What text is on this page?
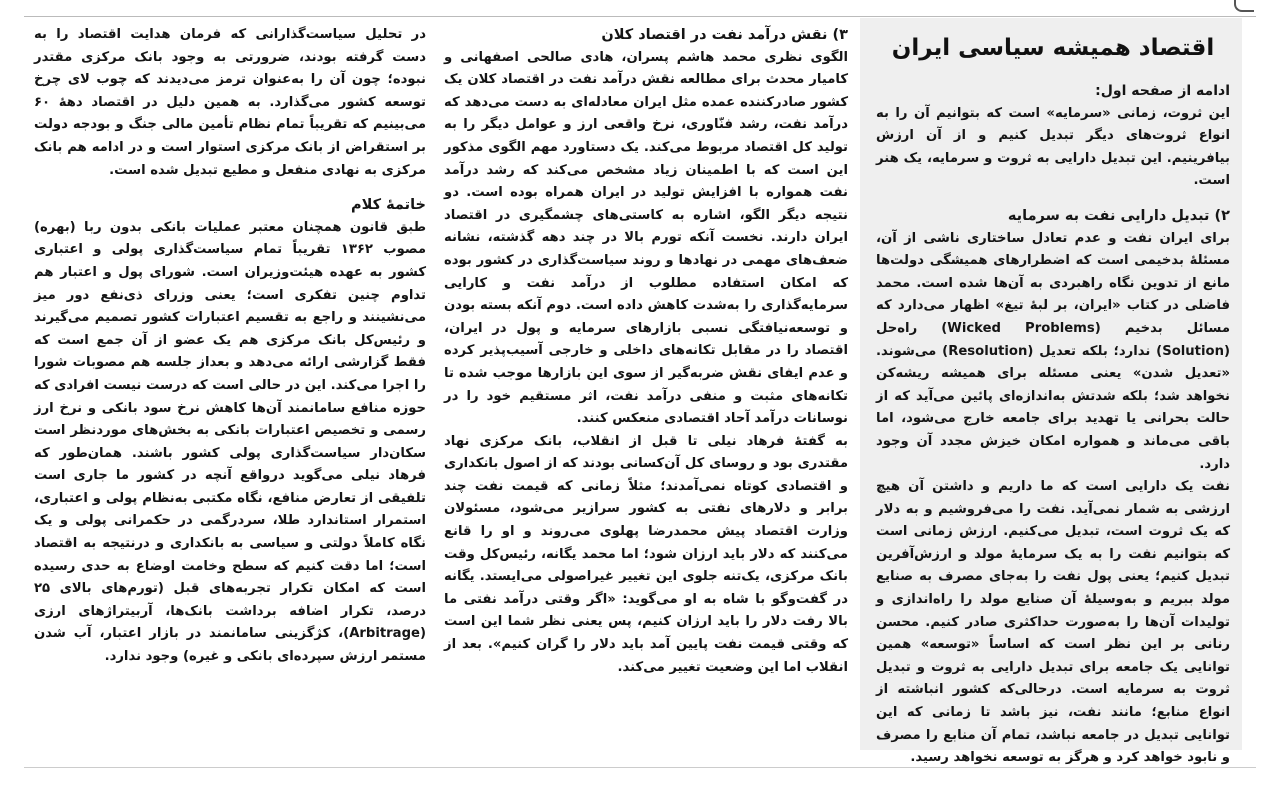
اقتصاد همیشه سیاسی ایران

ادامه از صفحه اول:

این ثروت، زمانی «سرمایه» است که بتوانیم آن را به انواع ثروت‌های دیگر تبدیل کنیم و از آن ارزش بیافرینیم. این تبدیل دارایی به ثروت و سرمایه، یک هنر است.

۲) تبدیل دارایی نفت به سرمایه

برای ایران نفت و عدم تعادل ساختاری ناشی از آن، مسئلهٔ بدخیمی است که اضطرارهای همیشگی دولت‌ها مانع از تدوین نگاه راهبردی به آن‌ها شده است. محمد فاضلی در کتاب «ایران، بر لبهٔ تیغ» اظهار می‌دارد که مسائل بدخیم (Wicked Problems) راه‌حل (Solution) ندارد؛ بلکه تعدیل (Resolution) می‌شوند. «تعدیل شدن» یعنی مسئله برای همیشه ریشه‌کن نخواهد شد؛ بلکه شدتش به‌اندازه‌ای پائین می‌آید که از حالت بحرانی یا تهدید برای جامعه خارج می‌شود، اما باقی می‌ماند و همواره امکان خیزش مجدد آن وجود دارد.

نفت یک دارایی است که ما داریم و داشتن آن هیچ ارزشی به شمار نمی‌آید. نفت را می‌فروشیم و به دلار که یک ثروت است، تبدیل می‌کنیم. ارزش زمانی است که بتوانیم نفت را به یک سرمایهٔ مولد و ارزش‌آفرین تبدیل کنیم؛ یعنی پول نفت را به‌جای مصرف به صنایع مولد ببریم و به‌وسیلهٔ آن صنایع مولد را راه‌اندازی و تولیدات آن‌ها را به‌صورت حداکثری صادر کنیم. محسن رنانی بر این نظر است که اساساً «توسعه» همین توانایی یک جامعه برای تبدیل دارایی به ثروت و تبدیل ثروت به سرمایه است. درحالی‌که کشور انباشته از انواع منابع؛ مانند نفت، نیز باشد تا زمانی که این توانایی تبدیل در جامعه نباشد، تمام آن منابع را مصرف و نابود خواهد کرد و هرگز به توسعه نخواهد رسید.

۳) نقش درآمد نفت در اقتصاد کلان

الگوی نظری محمد هاشم پسران، هادی صالحی اصفهانی و کامیار محدث برای مطالعه نقش درآمد نفت در اقتصاد کلان یک کشور صادرکننده عمده مثل ایران معادله‌ای به دست می‌دهد که درآمد نفت، رشد فنّاوری، نرخ واقعی ارز و عوامل دیگر را به تولید کل اقتصاد مربوط می‌کند. یک دستاورد مهم الگوی مذکور این است که با اطمینان زیاد مشخص می‌کند که رشد درآمد نفت همواره با افزایش تولید در ایران همراه بوده است. دو نتیجه دیگر الگو، اشاره به کاستی‌های چشمگیری در اقتصاد ایران دارند. نخست آنکه تورم بالا در چند دهه گذشته، نشانه ضعف‌های مهمی در نهادها و روند سیاست‌گذاری در کشور بوده که امکان استفاده مطلوب از درآمد نفت و کارایی سرمایه‌گذاری را به‌شدت کاهش داده است. دوم آنکه بسته بودن و توسعه‌نیافتگی نسبی بازارهای سرمایه و پول در ایران، اقتصاد را در مقابل تکانه‌های داخلی و خارجی آسیب‌پذیر کرده و عدم ایفای نقش ضربه‌گیر از سوی این بازارها موجب شده تا تکانه‌های مثبت و منفی درآمد نفت، اثر مستقیم خود را در نوسانات درآمد آحاد اقتصادی منعکس کنند.

به گفتهٔ فرهاد نیلی تا قبل از انقلاب، بانک مرکزی نهاد مقتدری بود و روسای کل آن‌کسانی بودند که از اصول بانکداری و اقتصادی کوتاه نمی‌آمدند؛ مثلاً زمانی که قیمت نفت چند برابر و دلارهای نفتی به کشور سرازیر می‌شود، مسئولان وزارت اقتصاد پیش محمدرضا پهلوی می‌روند و او را قانع می‌کنند که دلار باید ارزان شود؛ اما محمد یگانه، رئیس‌کل وقت بانک مرکزی، یک‌تنه جلوی این تغییر غیراصولی می‌ایستد. یگانه در گفت‌وگو با شاه به او می‌گوید: «اگر وقتی درآمد نفتی ما بالا رفت دلار را باید ارزان کنیم، پس یعنی نظر شما این است که وقتی قیمت نفت پایین آمد باید دلار را گران کنیم». بعد از انقلاب اما این وضعیت تغییر می‌کند.

در تحلیل سیاست‌گذارانی که فرمان هدایت اقتصاد را به دست گرفته بودند، ضرورتی به وجود بانک مرکزی مقتدر نبوده؛ چون آن را به‌عنوان ترمز می‌دیدند که چوب لای چرخ توسعه کشور می‌گذارد. به همین دلیل در اقتصاد دههٔ ۶۰ می‌بینیم که تقریباً تمام نظام تأمین مالی جنگ و بودجه دولت بر استقراض از بانک مرکزی استوار است و در ادامه هم بانک مرکزی به نهادی منفعل و مطیع تبدیل شده است.

خاتمهٔ کلام

طبق قانون همچنان معتبر عملیات بانکی بدون ربا (بهره) مصوب ۱۳۶۲ تقریباً تمام سیاست‌گذاری پولی و اعتباری کشور به عهده هیئت‌وزیران است. شورای پول و اعتبار هم تداوم چنین تفکری است؛ یعنی وزرای ذی‌نفع دور میز می‌نشینند و راجع به تقسیم اعتبارات کشور تصمیم می‌گیرند و رئیس‌کل بانک مرکزی هم یک عضو از آن جمع است که فقط گزارشی ارائه می‌دهد و بعداز جلسه هم مصوبات شورا را اجرا می‌کند. این در حالی است که درست نیست افرادی که حوزه منافع سامانمند آن‌ها کاهش نرخ سود بانکی و نرخ ارز رسمی و تخصیص اعتبارات بانکی به بخش‌های موردنظر است سکان‌دار سیاست‌گذاری پولی کشور باشند. همان‌طور که فرهاد نیلی می‌گوید درواقع آنچه در کشور ما جاری است تلفیقی از تعارض منافع، نگاه مکتبی به‌نظام پولی و اعتباری، استمرار استاندارد طلا، سردرگمی در حکمرانی پولی و یک نگاه کاملاً دولتی و سیاسی به بانکداری و درنتیجه به اقتصاد است؛ اما دقت کنیم که سطح وخامت اوضاع به حدی رسیده است که امکان تکرار تجربه‌های قبل (تورم‌های بالای ۲۵ درصد، تکرار اضافه برداشت بانک‌ها، آربیتراژهای ارزی (Arbitrage)، کژگزینی سامانمند در بازار اعتبار، آب شدن مستمر ارزش سپرده‌ای بانکی و غیره) وجود ندارد.
